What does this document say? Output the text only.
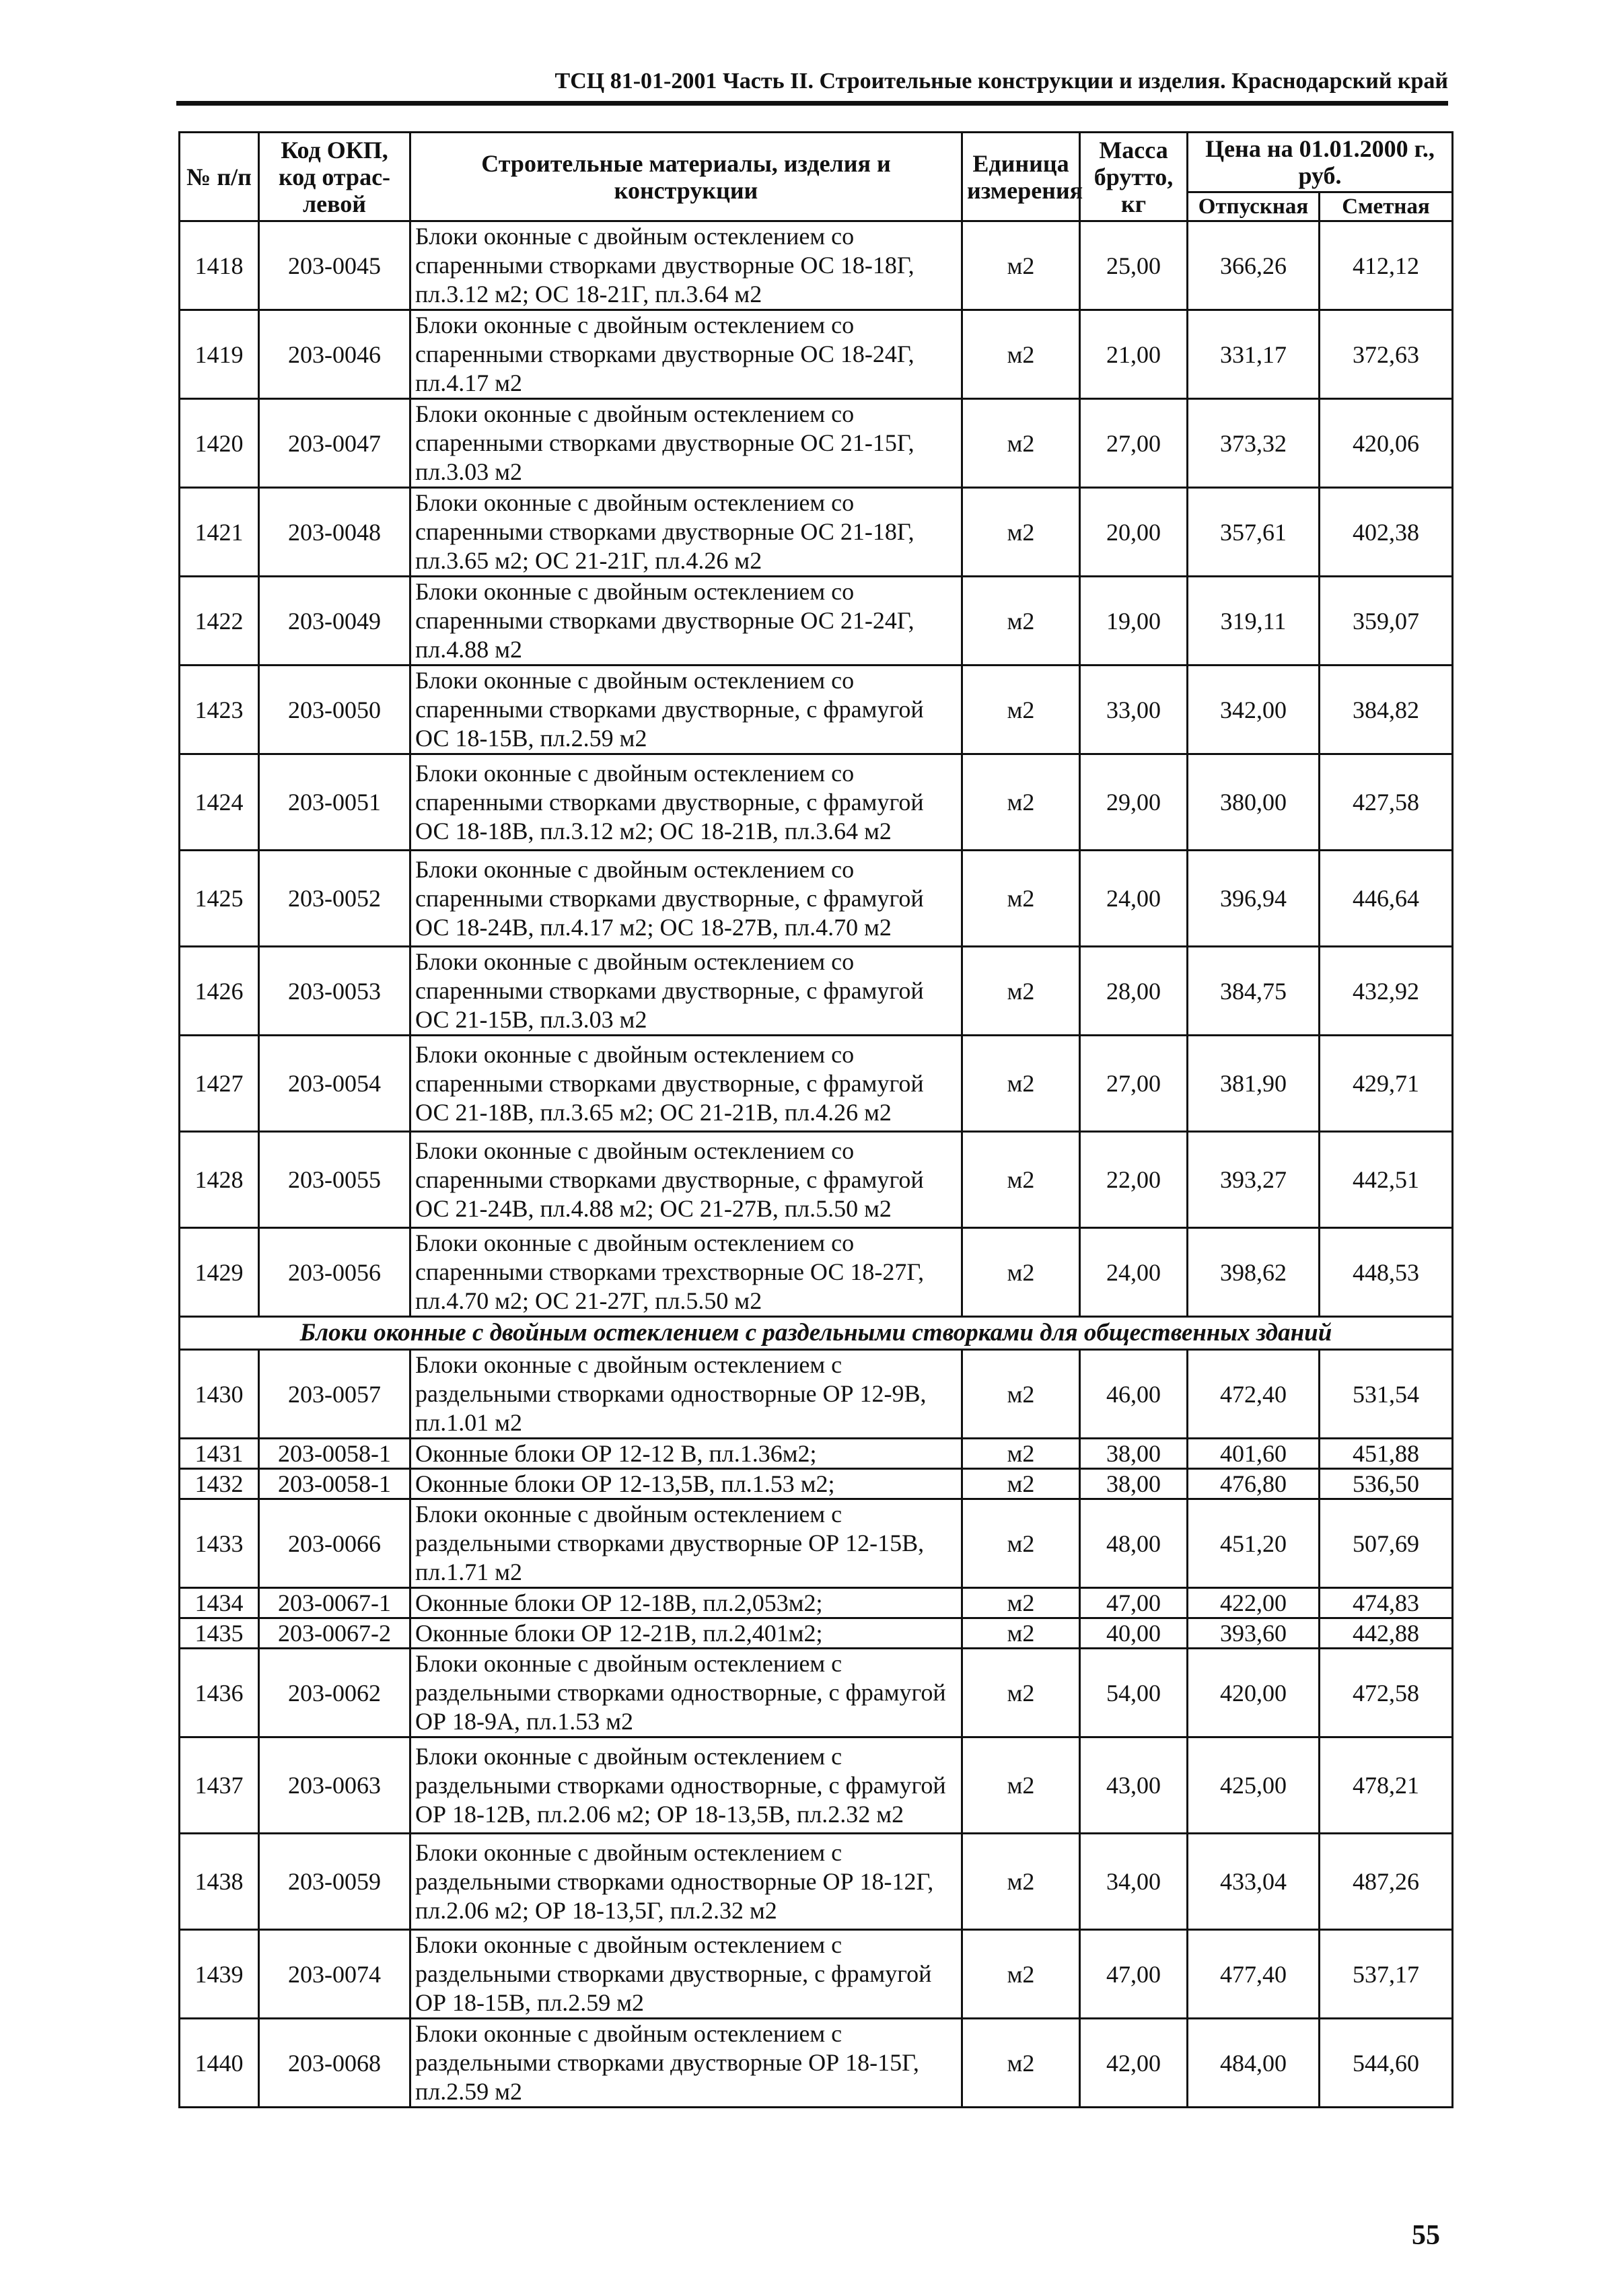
ТСЦ 81-01-2001 Часть II. Строительные конструкции и изделия. Краснодарский край
№ п/п	Код ОКП, код отрас-левой	Строительные материалы, изделия и конструкции	Единица измерения	Масса брутто, кг	Цена на 01.01.2000 г., руб.	
					Отпускная	Сметная
1418	203-0045	Блоки оконные с двойным остеклением со спаренными створками двустворные ОС 18-18Г, пл.3.12 м2; ОС 18-21Г, пл.3.64 м2	м2	25,00	366,26	412,12
1419	203-0046	Блоки оконные с двойным остеклением со спаренными створками двустворные ОС 18-24Г, пл.4.17 м2	м2	21,00	331,17	372,63
1420	203-0047	Блоки оконные с двойным остеклением со спаренными створками двустворные ОС 21-15Г, пл.3.03 м2	м2	27,00	373,32	420,06
1421	203-0048	Блоки оконные с двойным остеклением со спаренными створками двустворные ОС 21-18Г, пл.3.65 м2; ОС 21-21Г, пл.4.26 м2	м2	20,00	357,61	402,38
1422	203-0049	Блоки оконные с двойным остеклением со спаренными створками двустворные ОС 21-24Г, пл.4.88 м2	м2	19,00	319,11	359,07
1423	203-0050	Блоки оконные с двойным остеклением со спаренными створками двустворные, с фрамугой ОС 18-15В, пл.2.59 м2	м2	33,00	342,00	384,82
1424	203-0051	Блоки оконные с двойным остеклением со спаренными створками двустворные, с фрамугой ОС 18-18В, пл.3.12 м2; ОС 18-21В, пл.3.64 м2	м2	29,00	380,00	427,58
1425	203-0052	Блоки оконные с двойным остеклением со спаренными створками двустворные, с фрамугой ОС 18-24В, пл.4.17 м2; ОС 18-27В, пл.4.70 м2	м2	24,00	396,94	446,64
1426	203-0053	Блоки оконные с двойным остеклением со спаренными створками двустворные, с фрамугой ОС 21-15В, пл.3.03 м2	м2	28,00	384,75	432,92
1427	203-0054	Блоки оконные с двойным остеклением со спаренными створками двустворные, с фрамугой ОС 21-18В, пл.3.65 м2; ОС 21-21В, пл.4.26 м2	м2	27,00	381,90	429,71
1428	203-0055	Блоки оконные с двойным остеклением со спаренными створками двустворные, с фрамугой ОС 21-24В, пл.4.88 м2; ОС 21-27В, пл.5.50 м2	м2	22,00	393,27	442,51
1429	203-0056	Блоки оконные с двойным остеклением со спаренными створками трехстворные ОС 18-27Г, пл.4.70 м2; ОС 21-27Г, пл.5.50 м2	м2	24,00	398,62	448,53
Блоки оконные с двойным остеклением с раздельными створками для общественных зданий						
1430	203-0057	Блоки оконные с двойным остеклением с раздельными створками одностворные ОР 12-9В, пл.1.01 м2	м2	46,00	472,40	531,54
1431	203-0058-1	Оконные блоки ОР 12-12 В, пл.1.36м2;	м2	38,00	401,60	451,88
1432	203-0058-1	Оконные блоки ОР 12-13,5В, пл.1.53 м2;	м2	38,00	476,80	536,50
1433	203-0066	Блоки оконные с двойным остеклением с раздельными створками двустворные ОР 12-15В, пл.1.71 м2	м2	48,00	451,20	507,69
1434	203-0067-1	Оконные блоки ОР 12-18В, пл.2,053м2;	м2	47,00	422,00	474,83
1435	203-0067-2	Оконные блоки ОР 12-21В, пл.2,401м2;	м2	40,00	393,60	442,88
1436	203-0062	Блоки оконные с двойным остеклением с раздельными створками одностворные, с фрамугой ОР 18-9А, пл.1.53 м2	м2	54,00	420,00	472,58
1437	203-0063	Блоки оконные с двойным остеклением с раздельными створками одностворные, с фрамугой ОР 18-12В, пл.2.06 м2; ОР 18-13,5В, пл.2.32 м2	м2	43,00	425,00	478,21
1438	203-0059	Блоки оконные с двойным остеклением с раздельными створками одностворные ОР 18-12Г, пл.2.06 м2; ОР 18-13,5Г, пл.2.32 м2	м2	34,00	433,04	487,26
1439	203-0074	Блоки оконные с двойным остеклением с раздельными створками двустворные, с фрамугой ОР 18-15В, пл.2.59 м2	м2	47,00	477,40	537,17
1440	203-0068	Блоки оконные с двойным остеклением с раздельными створками двустворные ОР 18-15Г, пл.2.59 м2	м2	42,00	484,00	544,60
55
